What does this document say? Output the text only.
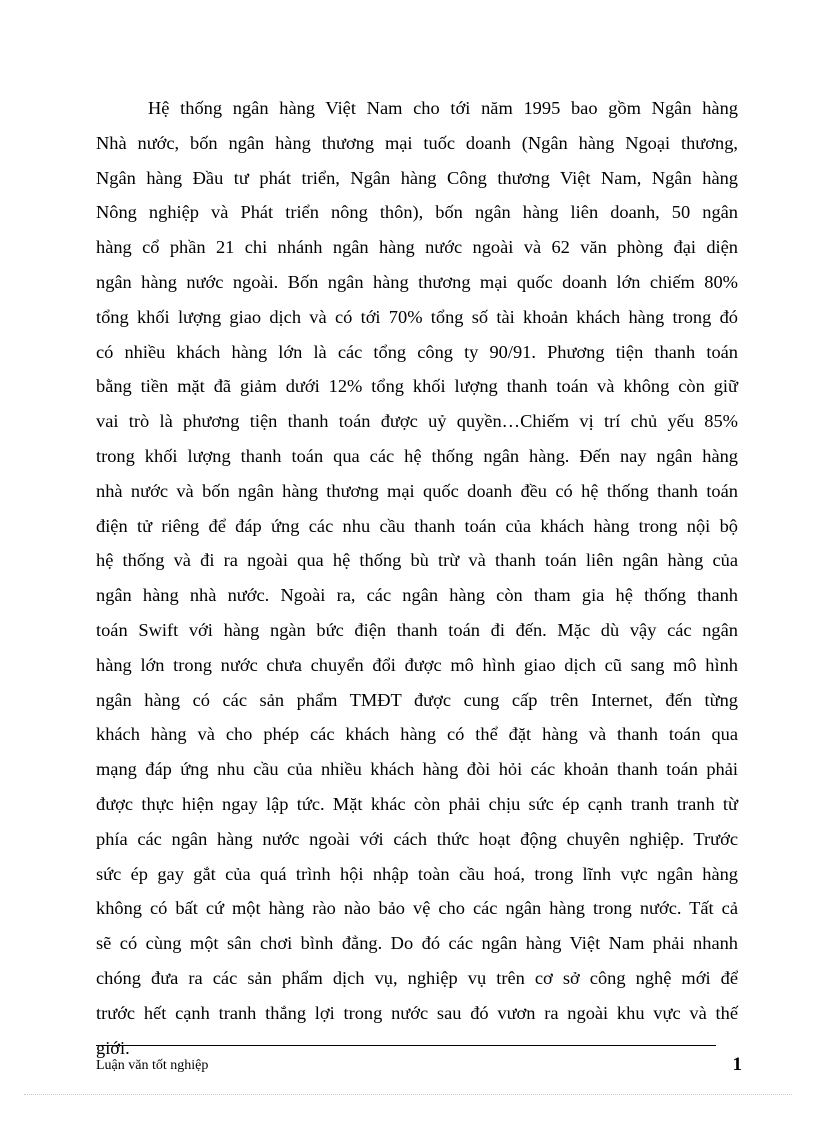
Hệ thống ngân hàng Việt Nam cho tới năm 1995 bao gồm Ngân hàng
Nhà nước, bốn ngân hàng thương mại tuốc doanh (Ngân hàng Ngoại thương,
Ngân hàng Đầu tư phát triển, Ngân hàng Công thương Việt Nam, Ngân hàng
Nông nghiệp và Phát triển nông thôn), bốn ngân hàng liên doanh, 50 ngân
hàng cổ phần 21 chi nhánh ngân hàng nước ngoài và 62 văn phòng đại diện
ngân hàng nước ngoài. Bốn ngân hàng thương mại quốc doanh lớn chiếm 80%
tổng khối lượng giao dịch và có tới 70% tổng số tài khoản khách hàng trong đó
có nhiều khách hàng lớn là các tổng công ty 90/91. Phương tiện thanh toán
bằng tiền mặt đã giảm dưới 12% tổng khối lượng thanh toán và không còn giữ
vai trò là phương tiện thanh toán được uỷ quyền…Chiếm vị trí chủ yếu 85%
trong khối lượng thanh toán qua các hệ thống ngân hàng. Đến nay ngân hàng
nhà nước và bốn ngân hàng thương mại quốc doanh đều có hệ thống thanh toán
điện tử riêng để đáp ứng các nhu cầu thanh toán của khách hàng trong nội bộ
hệ thống và đi ra ngoài qua hệ thống bù trừ và thanh toán liên ngân hàng của
ngân hàng nhà nước. Ngoài ra, các ngân hàng còn tham gia hệ thống thanh
toán Swift với hàng ngàn bức điện thanh toán đi đến. Mặc dù vậy các ngân
hàng lớn trong nước chưa chuyển đổi được mô hình giao dịch cũ sang mô hình
ngân hàng có các sản phẩm TMĐT được cung cấp trên Internet, đến từng
khách hàng và cho phép các khách hàng có thể đặt hàng và thanh toán qua
mạng đáp ứng nhu cầu của nhiều khách hàng đòi hỏi các khoản thanh toán phải
được thực hiện ngay lập tức. Mặt khác còn phải chịu sức ép cạnh tranh tranh từ
phía các ngân hàng nước ngoài với cách thức hoạt động chuyên nghiệp. Trước
sức ép gay gắt của quá trình hội nhập toàn cầu hoá, trong lĩnh vực ngân hàng
không có bất cứ một hàng rào nào bảo vệ cho các ngân hàng trong nước. Tất cả
sẽ có cùng một sân chơi bình đẳng. Do đó các ngân hàng Việt Nam phải nhanh
chóng đưa ra các sản phẩm dịch vụ, nghiệp vụ trên cơ sở công nghệ mới để
trước hết cạnh tranh thắng lợi trong nước sau đó vươn ra ngoài khu vực và thế
giới.
Luận văn tốt nghiệp	1
